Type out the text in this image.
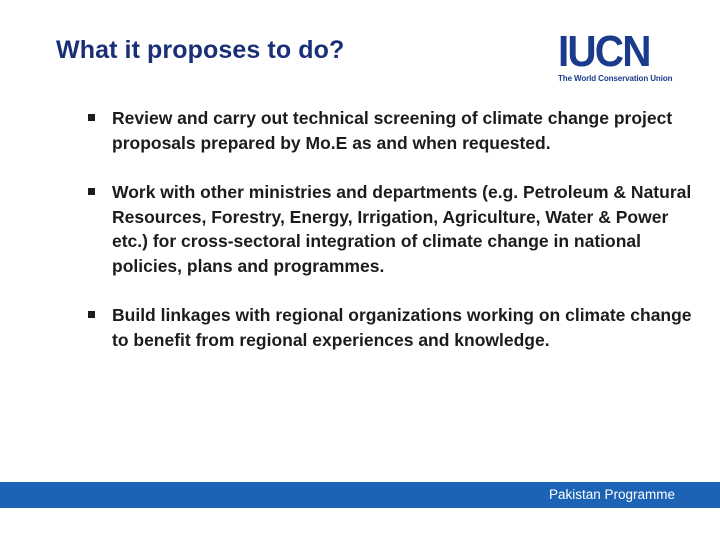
What it proposes to do?	IUCN
The World Conservation Union
Review and carry out technical screening of climate change project proposals prepared by Mo.E as and when requested.
Work with other ministries and departments (e.g. Petroleum & Natural Resources, Forestry, Energy, Irrigation, Agriculture, Water & Power etc.) for cross-sectoral integration of climate change in national policies, plans and programmes.
Build linkages with regional organizations working on climate change to benefit from regional experiences and knowledge.
Pakistan Programme
